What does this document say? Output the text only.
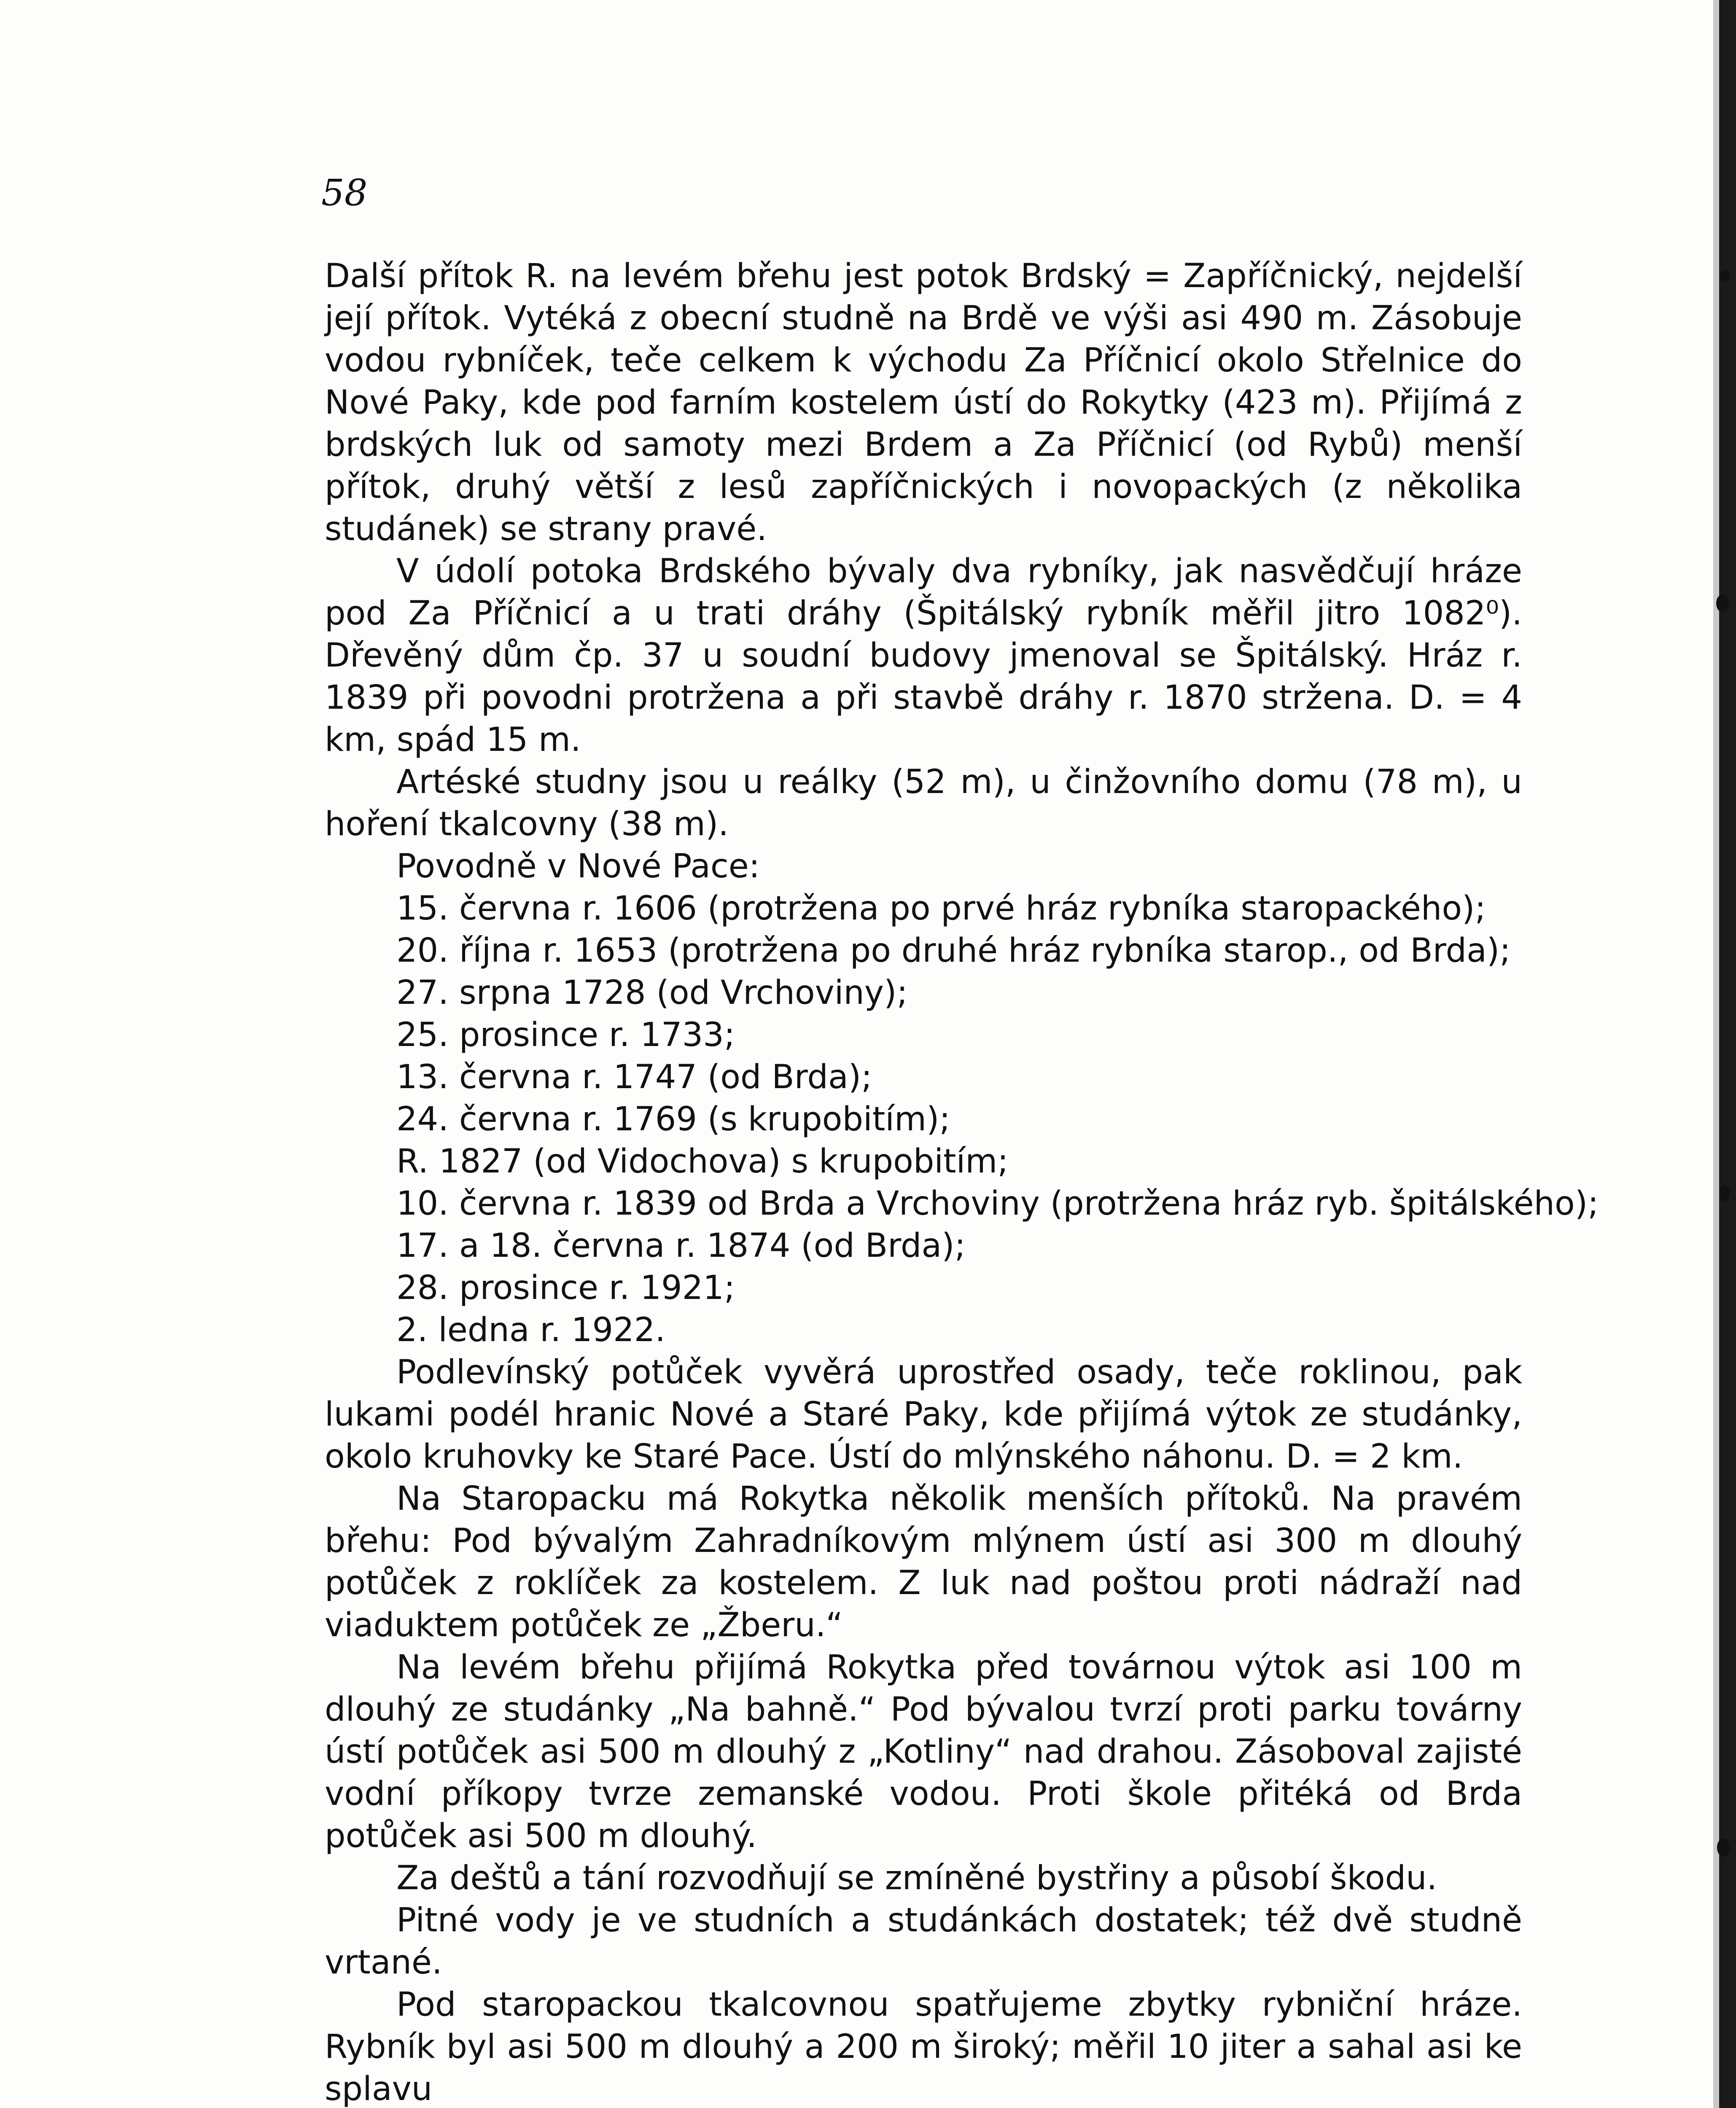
58

Další přítok R. na levém břehu jest potok Brdský = Zapříčnický, nejdelší její přítok. Vytéká z obecní studně na Brdě ve výši asi 490 m. Zásobuje vodou rybníček, teče celkem k východu Za Příčnicí okolo Střelnice do Nové Paky, kde pod farním kostelem ústí do Rokytky (423 m). Přijímá z brdských luk od samoty mezi Brdem a Za Příčnicí (od Rybů) menší přítok, druhý větší z lesů zapříčnických i novopackých (z několika studánek) se strany pravé.

V údolí potoka Brdského bývaly dva rybníky, jak nasvědčují hráze pod Za Příčnicí a u trati dráhy (Špitálský rybník měřil jitro 1082⁰). Dřevěný dům čp. 37 u soudní budovy jmenoval se Špitálský. Hráz r. 1839 při povodni protržena a při stavbě dráhy r. 1870 stržena. D. = 4 km, spád 15 m.

Artéské studny jsou u reálky (52 m), u činžovního domu (78 m), u hoření tkalcovny (38 m).

Povodně v Nové Pace:

15. června r. 1606 (protržena po prvé hráz rybníka staropackého);
20. října r. 1653 (protržena po druhé hráz rybníka starop., od Brda);
27. srpna 1728 (od Vrchoviny);
25. prosince r. 1733;
13. června r. 1747 (od Brda);
24. června r. 1769 (s krupobitím);
R. 1827 (od Vidochova) s krupobitím;
10. června r. 1839 od Brda a Vrchoviny (protržena hráz ryb. špitálského);
17. a 18. června r. 1874 (od Brda);
28. prosince r. 1921;
2. ledna r. 1922.

Podlevínský potůček vyvěrá uprostřed osady, teče roklinou, pak lukami podél hranic Nové a Staré Paky, kde přijímá výtok ze studánky, okolo kruhovky ke Staré Pace. Ústí do mlýnského náhonu. D. = 2 km.

Na Staropacku má Rokytka několik menších přítoků. Na pravém břehu: Pod bývalým Zahradníkovým mlýnem ústí asi 300 m dlouhý potůček z roklíček za kostelem. Z luk nad poštou proti nádraží nad viaduktem potůček ze „Žberu.“

Na levém břehu přijímá Rokytka před továrnou výtok asi 100 m dlouhý ze studánky „Na bahně.“ Pod bývalou tvrzí proti parku továrny ústí potůček asi 500 m dlouhý z „Kotliny“ nad drahou. Zásoboval zajisté vodní příkopy tvrze zemanské vodou. Proti škole přitéká od Brda potůček asi 500 m dlouhý.

Za deštů a tání rozvodňují se zmíněné bystřiny a působí škodu.

Pitné vody je ve studních a studánkách dostatek; též dvě studně vrtané.

Pod staropackou tkalcovnou spatřujeme zbytky rybniční hráze. Rybník byl asi 500 m dlouhý a 200 m široký; měřil 10 jiter a sahal asi ke splavu
